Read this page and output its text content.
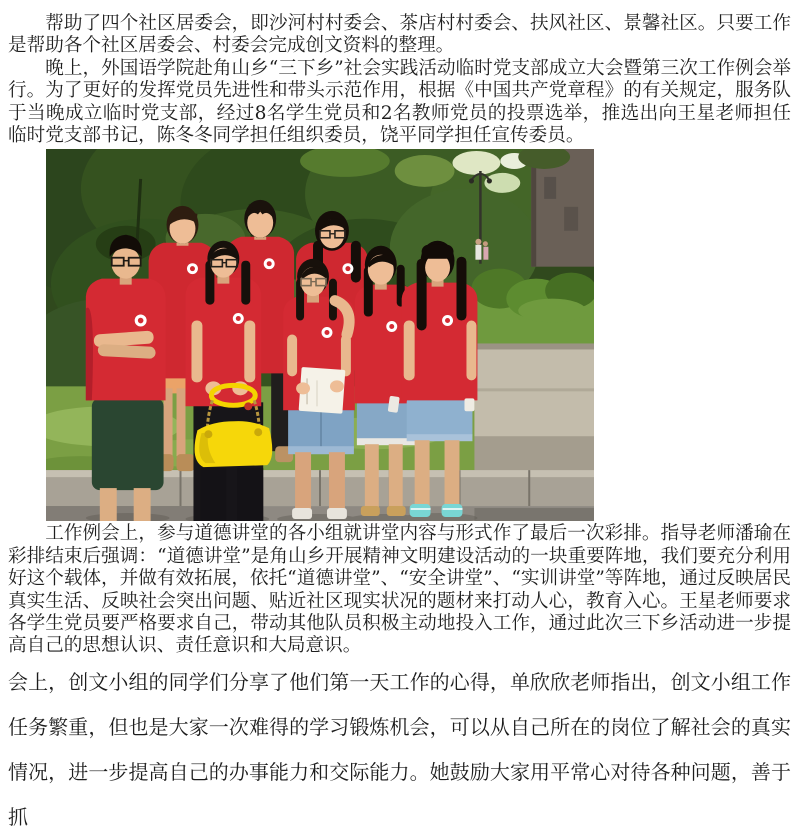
帮助了四个社区居委会，即沙河村村委会、茶店村村委会、扶风社区、景馨社区。只要工作是帮助各个社区居委会、村委会完成创文资料的整理。

晚上，外国语学院赴角山乡“三下乡”社会实践活动临时党支部成立大会暨第三次工作例会举行。为了更好的发挥党员先进性和带头示范作用，根据《中国共产党章程》的有关规定，服务队于当晚成立临时党支部，经过8名学生党员和2名教师党员的投票选举，推选出向王星老师担任临时党支部书记，陈冬冬同学担任组织委员，饶平同学担任宣传委员。

工作例会上，参与道德讲堂的各小组就讲堂内容与形式作了最后一次彩排。指导老师潘瑜在彩排结束后强调：“道德讲堂”是角山乡开展精神文明建设活动的一块重要阵地，我们要充分利用好这个载体，并做有效拓展，依托“道德讲堂”、“安全讲堂”、“实训讲堂”等阵地，通过反映居民真实生活、反映社会突出问题、贴近社区现实状况的题材来打动人心，教育入心。王星老师要求各学生党员要严格要求自己，带动其他队员积极主动地投入工作，通过此次三下乡活动进一步提高自己的思想认识、责任意识和大局意识。

会上，创文小组的同学们分享了他们第一天工作的心得，单欣欣老师指出，创文小组工作任务繁重，但也是大家一次难得的学习锻炼机会，可以从自己所在的岗位了解社会的真实情况，进一步提高自己的办事能力和交际能力。她鼓励大家用平常心对待各种问题，善于抓
